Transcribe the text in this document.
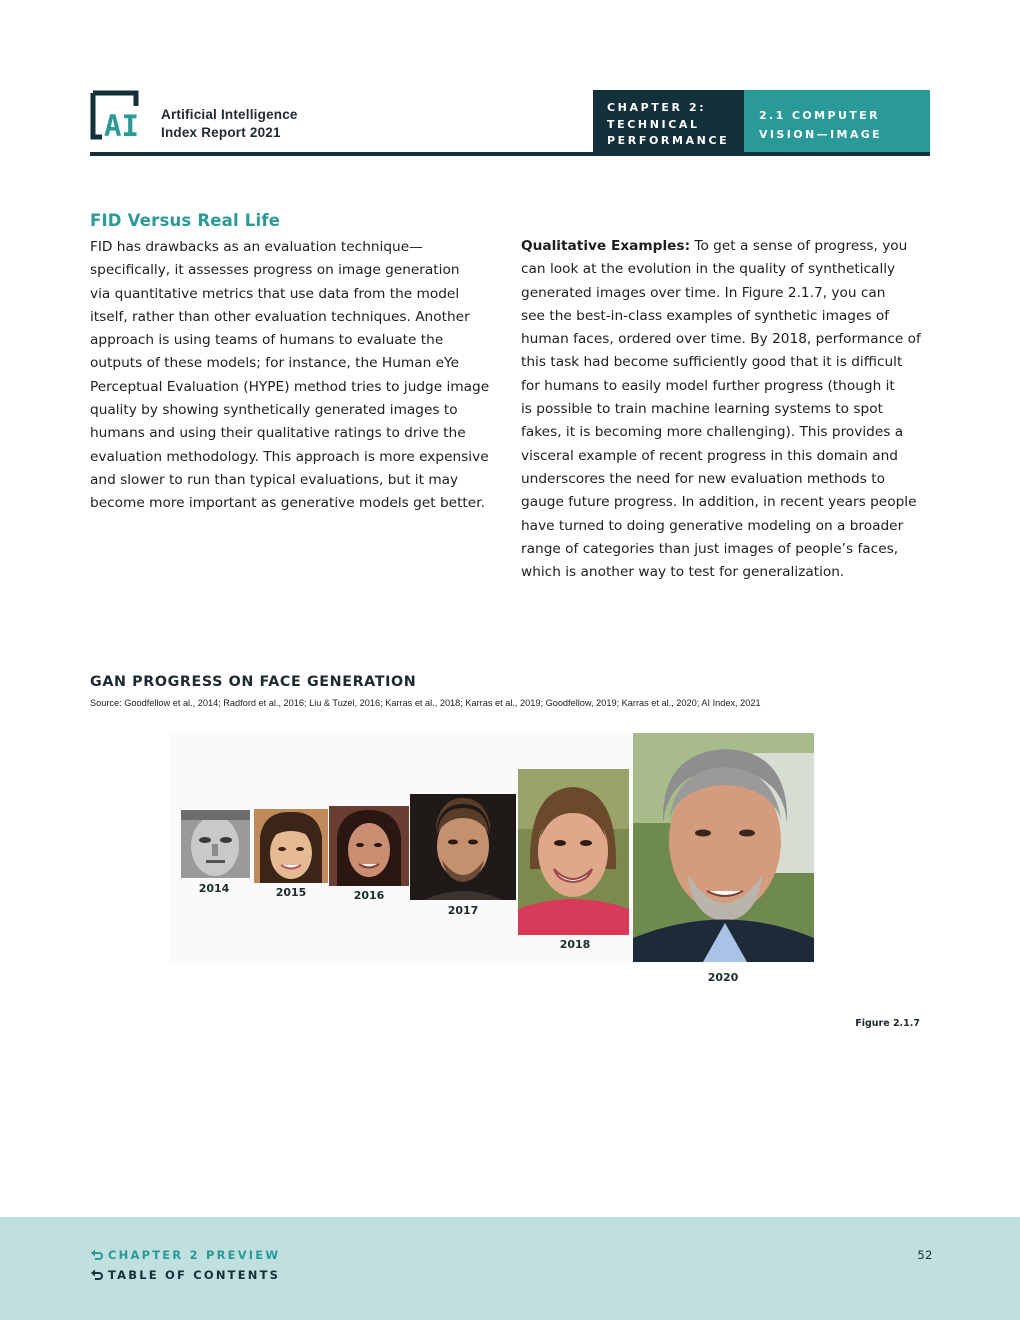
AI Artificial Intelligence
Index Report 2021
CHAPTER 2:
TECHNICAL
PERFORMANCE
2.1 COMPUTER
VISION—IMAGE
FID Versus Real Life
FID has drawbacks as an evaluation technique—
specifically, it assesses progress on image generation
via quantitative metrics that use data from the model
itself, rather than other evaluation techniques. Another
approach is using teams of humans to evaluate the
outputs of these models; for instance, the Human eYe
Perceptual Evaluation (HYPE) method tries to judge image
quality by showing synthetically generated images to
humans and using their qualitative ratings to drive the
evaluation methodology. This approach is more expensive
and slower to run than typical evaluations, but it may
become more important as generative models get better.
Qualitative Examples: To get a sense of progress, you
can look at the evolution in the quality of synthetically
generated images over time. In Figure 2.1.7, you can
see the best-in-class examples of synthetic images of
human faces, ordered over time. By 2018, performance of
this task had become sufficiently good that it is difficult
for humans to easily model further progress (though it
is possible to train machine learning systems to spot
fakes, it is becoming more challenging). This provides a
visceral example of recent progress in this domain and
underscores the need for new evaluation methods to
gauge future progress. In addition, in recent years people
have turned to doing generative modeling on a broader
range of categories than just images of people’s faces,
which is another way to test for generalization.
GAN PROGRESS ON FACE GENERATION
Source: Goodfellow et al., 2014; Radford et al., 2016; Liu & Tuzel, 2016; Karras et al., 2018; Karras et al., 2019; Goodfellow, 2019; Karras et al., 2020; AI Index, 2021
2014	2015	2016
2017
2018
2020
Figure 2.1.7
CHAPTER 2 PREVIEW
TABLE OF CONTENTS
52
